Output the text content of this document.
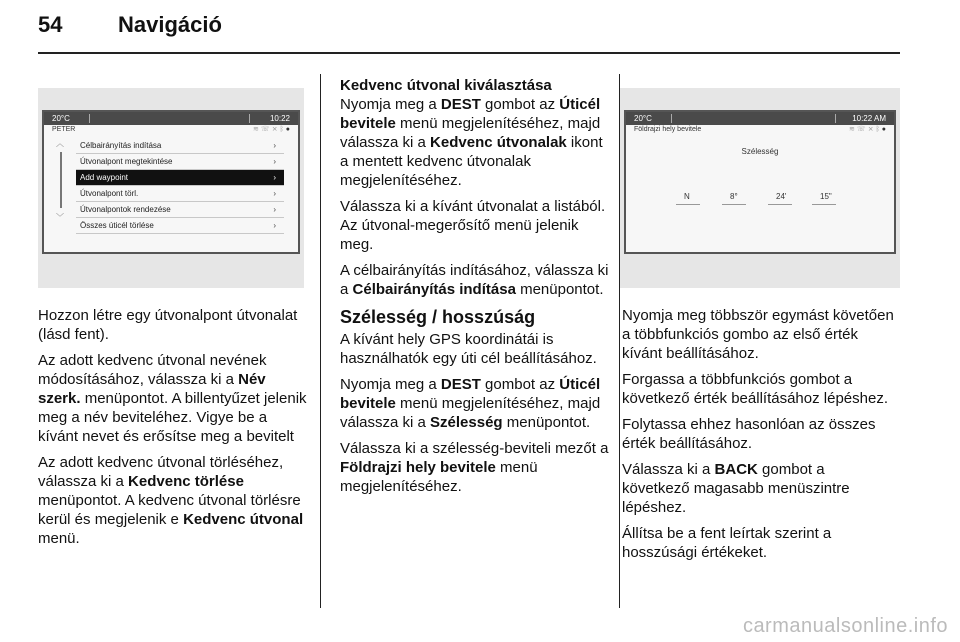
54	Navigáció
20°C	10:22
PETER	≋☏⨯ᛒ●
︿
﹀
Célbairányítás indítása	›
Útvonalpont megtekintése	›
Add waypoint	›
Útvonalpont törl.	›
Útvonalpontok rendezése	›
Összes úticél törlése	›
20°C	10:22 AM
Földrajzi hely bevitele	≋☏⨯ᛒ●
Szélesség
N	8°	24'	15"

Hozzon létre egy útvonalpont útvonalat (lásd fent).

Az adott kedvenc útvonal nevének módosításához, válassza ki a Név szerk. menüpontot. A billentyűzet jelenik meg a név beviteléhez. Vigye be a kívánt nevet és erősítse meg a bevitelt

Az adott kedvenc útvonal törléséhez, válassza ki a Kedvenc törlése menüpontot. A kedvenc útvonal törlésre kerül és megjelenik e Kedvenc útvonal menü.

Kedvenc útvonal kiválasztása

Nyomja meg a DEST gombot az Úticél bevitele menü megjelenítéséhez, majd válassza ki a Kedvenc útvonalak ikont a mentett kedvenc útvonalak megjelenítéséhez.

Válassza ki a kívánt útvonalat a listából. Az útvonal-megerősítő menü jelenik meg.

A célbairányítás indításához, válassza ki a Célbairányítás indítása menüpontot.

Szélesség / hosszúság

A kívánt hely GPS koordinátái is használhatók egy úti cél beállításához.

Nyomja meg a DEST gombot az Úticél bevitele menü megjelenítéséhez, majd válassza ki a Szélesség menüpontot.

Válassza ki a szélesség-beviteli mezőt a Földrajzi hely bevitele menü megjelenítéséhez.

Nyomja meg többször egymást követően a többfunkciós gombo az első érték kívánt beállításához.

Forgassa a többfunkciós gombot a következő érték beállításához lépéshez.

Folytassa ehhez hasonlóan az összes érték beállításához.

Válassza ki a BACK gombot a következő magasabb menüszintre lépéshez.

Állítsa be a fent leírtak szerint a hosszúsági értékeket.

carmanualsonline.info
